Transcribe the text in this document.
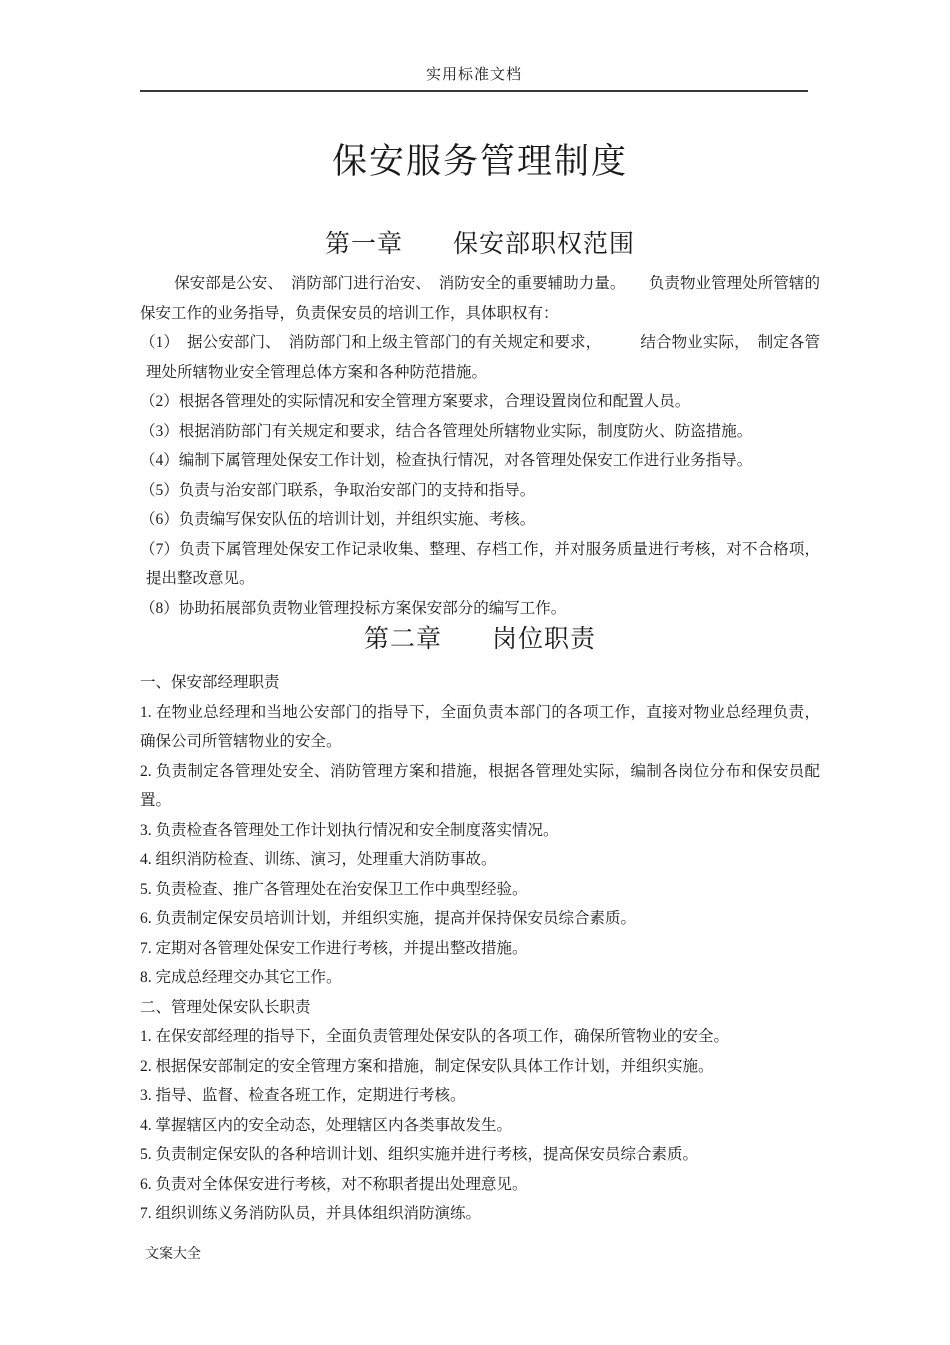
实用标准文档
保安服务管理制度
第一章 保安部职权范围

保安部是公安、　消防部门进行治安、　消防安全的重要辅助力量。　　负责物业管理处所管辖的保安工作的业务指导，负责保安员的培训工作，具体职权有：

（1）　据公安部门、　消防部门和上级主管部门的有关规定和要求，　　　结合物业实际，　制定各管理处所辖物业安全管理总体方案和各种防范措施。

（2）根据各管理处的实际情况和安全管理方案要求，合理设置岗位和配置人员。

（3）根据消防部门有关规定和要求，结合各管理处所辖物业实际，制度防火、防盗措施。

（4）编制下属管理处保安工作计划，检查执行情况，对各管理处保安工作进行业务指导。

（5）负责与治安部门联系，争取治安部门的支持和指导。

（6）负责编写保安队伍的培训计划，并组织实施、考核。

（7）负责下属管理处保安工作记录收集、整理、存档工作，并对服务质量进行考核，对不合格项，提出整改意见。

（8）协助拓展部负责物业管理投标方案保安部分的编写工作。

第二章 岗位职责

一、保安部经理职责

1. 在物业总经理和当地公安部门的指导下，全面负责本部门的各项工作，直接对物业总经理负责，确保公司所管辖物业的安全。

2. 负责制定各管理处安全、消防管理方案和措施，根据各管理处实际，编制各岗位分布和保安员配置。

3. 负责检查各管理处工作计划执行情况和安全制度落实情况。

4. 组织消防检查、训练、演习，处理重大消防事故。

5. 负责检查、推广各管理处在治安保卫工作中典型经验。

6. 负责制定保安员培训计划，并组织实施，提高并保持保安员综合素质。

7. 定期对各管理处保安工作进行考核，并提出整改措施。

8. 完成总经理交办其它工作。

二、管理处保安队长职责

1. 在保安部经理的指导下，全面负责管理处保安队的各项工作，确保所管物业的安全。

2. 根据保安部制定的安全管理方案和措施，制定保安队具体工作计划，并组织实施。

3. 指导、监督、检查各班工作，定期进行考核。

4. 掌握辖区内的安全动态，处理辖区内各类事故发生。

5. 负责制定保安队的各种培训计划、组织实施并进行考核，提高保安员综合素质。

6. 负责对全体保安进行考核，对不称职者提出处理意见。

7. 组织训练义务消防队员，并具体组织消防演练。

文案大全
